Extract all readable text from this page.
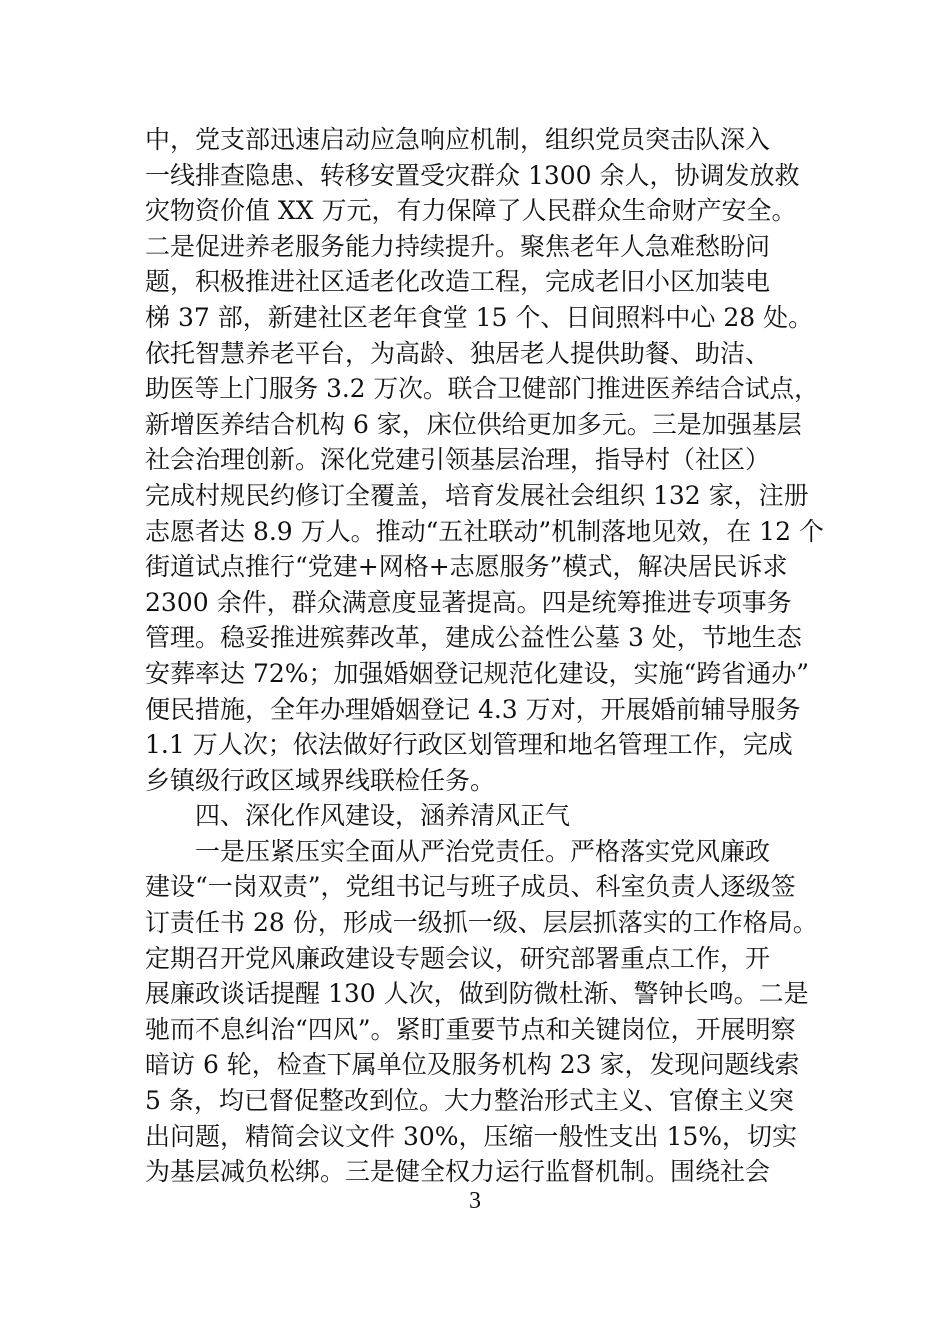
中，党支部迅速启动应急响应机制，组织党员突击队深入
一线排查隐患、转移安置受灾群众 1300 余人，协调发放救
灾物资价值 XX 万元，有力保障了人民群众生命财产安全。
二是促进养老服务能力持续提升。聚焦老年人急难愁盼问
题，积极推进社区适老化改造工程，完成老旧小区加装电
梯 37 部，新建社区老年食堂 15 个、日间照料中心 28 处。
依托智慧养老平台，为高龄、独居老人提供助餐、助洁、
助医等上门服务 3.2 万次。联合卫健部门推进医养结合试点，
新增医养结合机构 6 家，床位供给更加多元。三是加强基层
社会治理创新。深化党建引领基层治理，指导村（社区）
完成村规民约修订全覆盖，培育发展社会组织 132 家，注册
志愿者达 8.9 万人。推动“五社联动”机制落地见效，在 12 个
街道试点推行“党建+网格+志愿服务”模式，解决居民诉求
2300 余件，群众满意度显著提高。四是统筹推进专项事务
管理。稳妥推进殡葬改革，建成公益性公墓 3 处，节地生态
安葬率达 72%；加强婚姻登记规范化建设，实施“跨省通办”
便民措施，全年办理婚姻登记 4.3 万对，开展婚前辅导服务
1.1 万人次；依法做好行政区划管理和地名管理工作，完成
乡镇级行政区域界线联检任务。
四、深化作风建设，涵养清风正气
一是压紧压实全面从严治党责任。严格落实党风廉政
建设“一岗双责”，党组书记与班子成员、科室负责人逐级签
订责任书 28 份，形成一级抓一级、层层抓落实的工作格局。
定期召开党风廉政建设专题会议，研究部署重点工作，开
展廉政谈话提醒 130 人次，做到防微杜渐、警钟长鸣。二是
驰而不息纠治“四风”。紧盯重要节点和关键岗位，开展明察
暗访 6 轮，检查下属单位及服务机构 23 家，发现问题线索
5 条，均已督促整改到位。大力整治形式主义、官僚主义突
出问题，精简会议文件 30%，压缩一般性支出 15%，切实
为基层减负松绑。三是健全权力运行监督机制。围绕社会
3
